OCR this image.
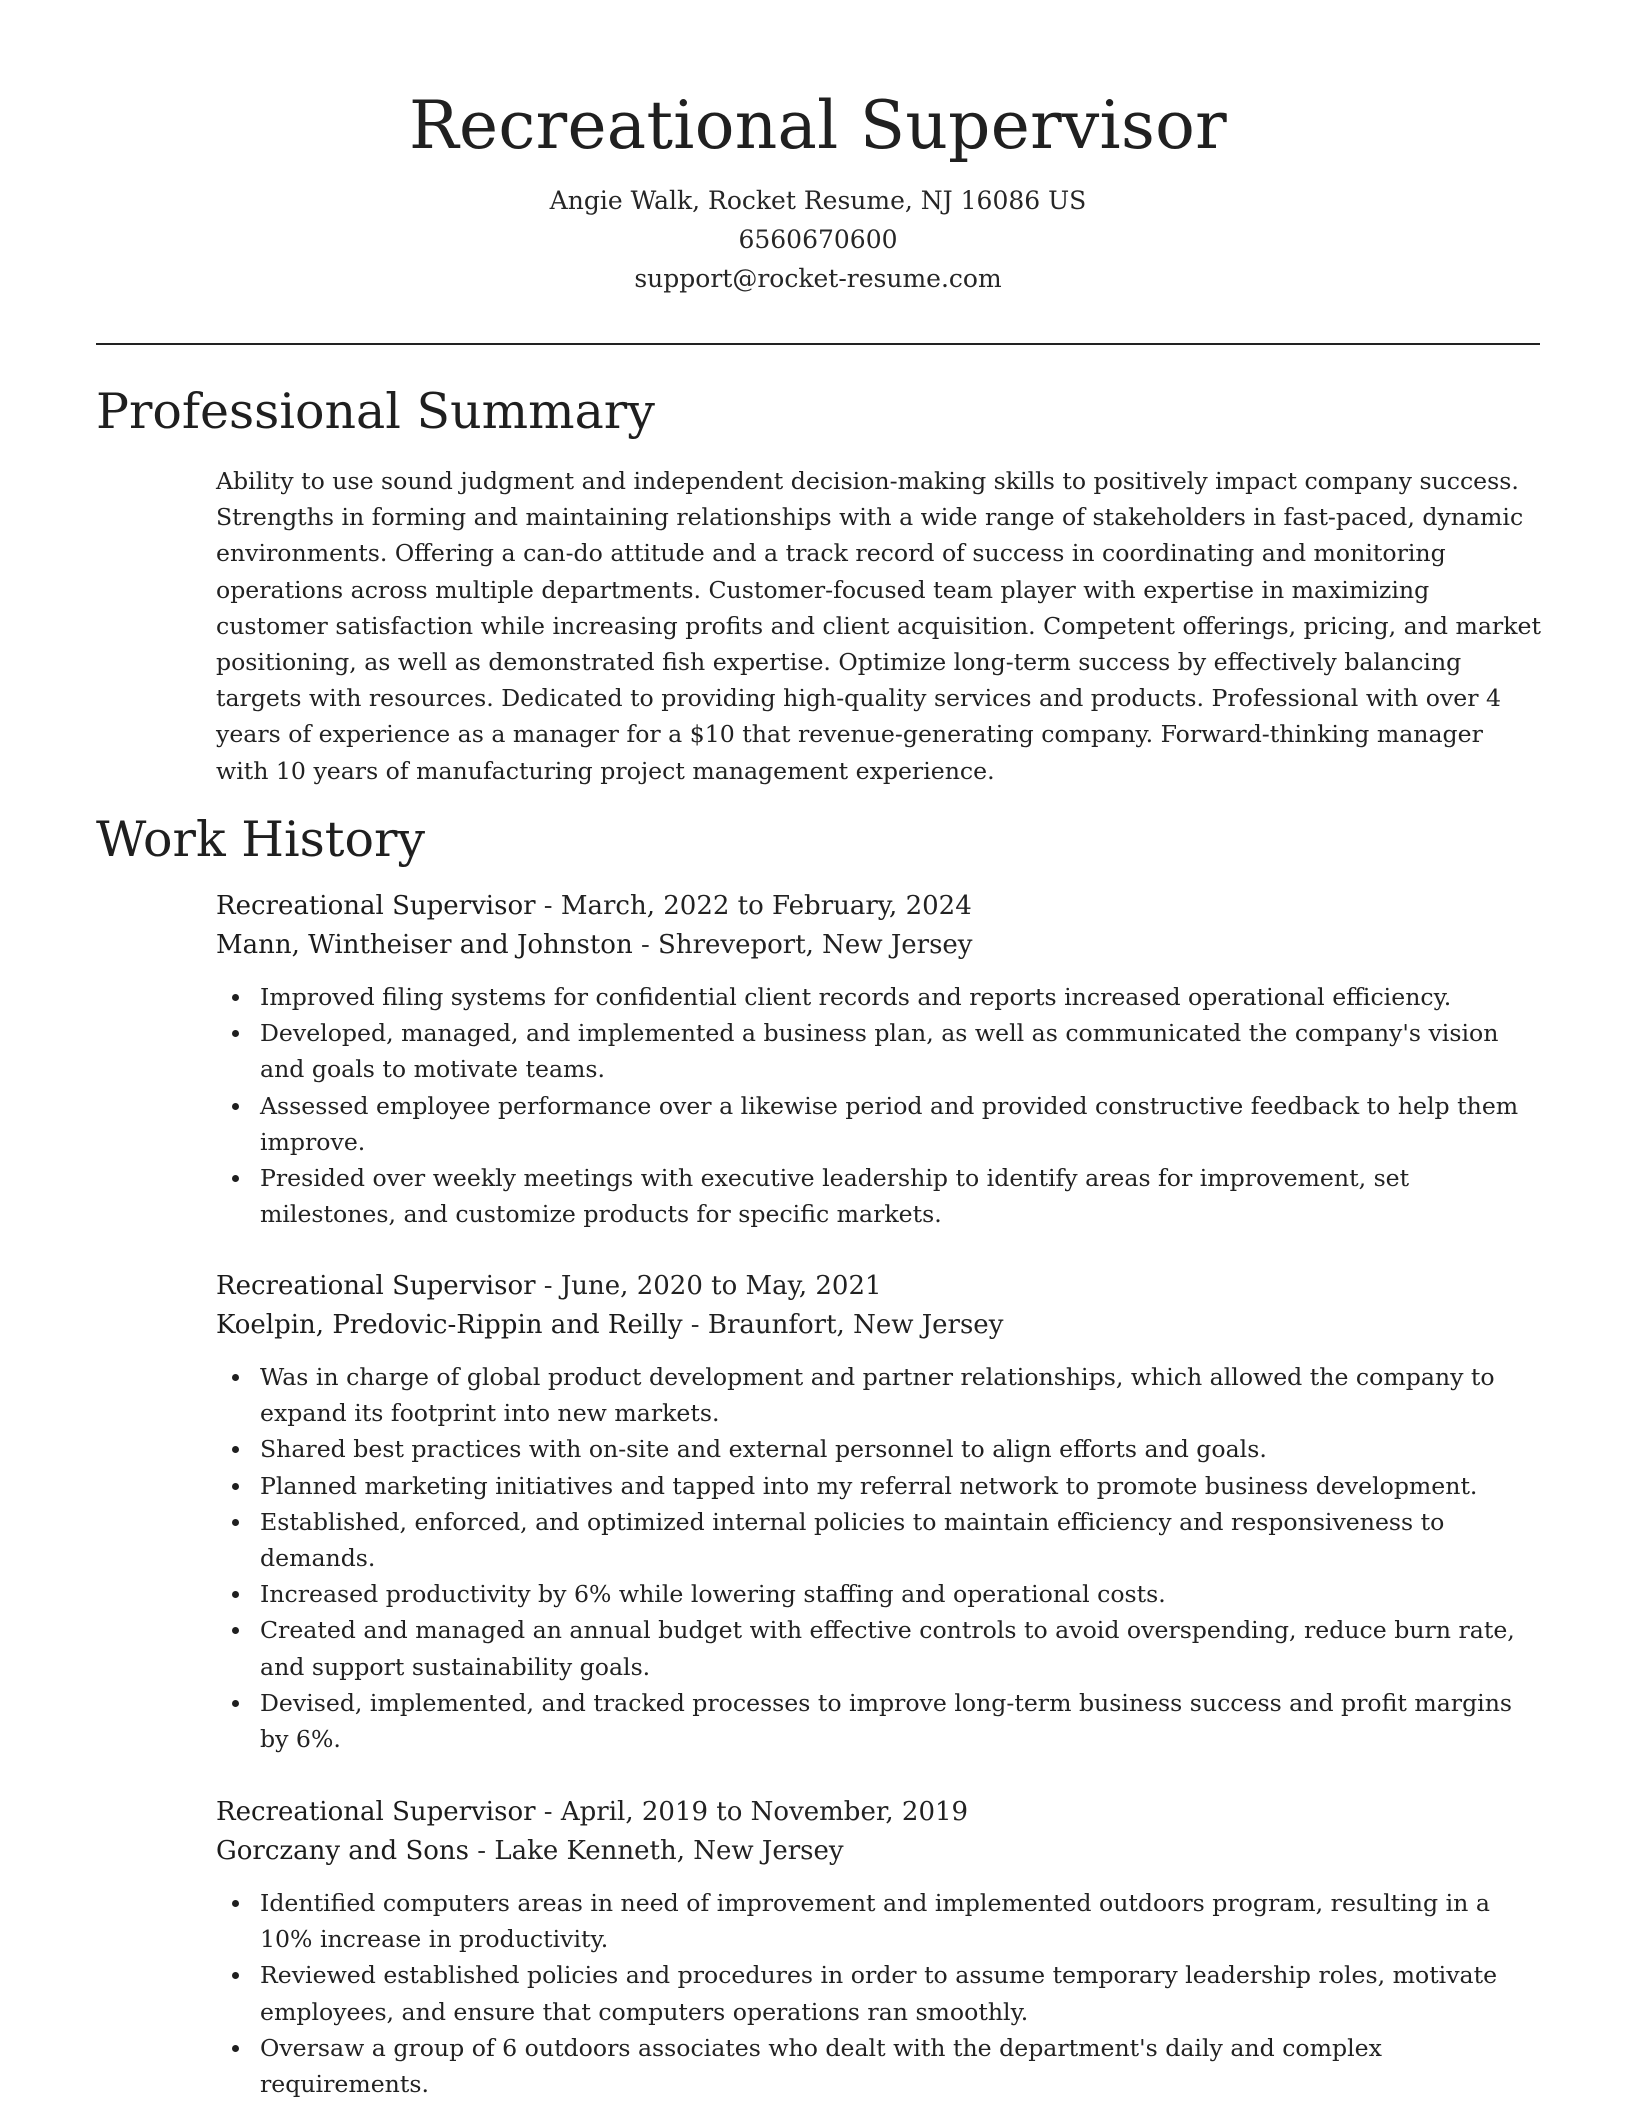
Recreational Supervisor
Angie Walk, Rocket Resume, NJ 16086 US
6560670600
support@rocket-resume.com
Professional Summary

Ability to use sound judgment and independent decision-making skills to positively impact company success. Strengths in forming and maintaining relationships with a wide range of stakeholders in fast-paced, dynamic environments. Offering a can-do attitude and a track record of success in coordinating and monitoring operations across multiple departments. Customer-focused team player with expertise in maximizing customer satisfaction while increasing profits and client acquisition. Competent offerings, pricing, and market positioning, as well as demonstrated fish expertise. Optimize long-term success by effectively balancing targets with resources. Dedicated to providing high-quality services and products. Professional with over 4 years of experience as a manager for a $10 that revenue-generating company. Forward-thinking manager with 10 years of manufacturing project management experience.

Work History
Recreational Supervisor - March, 2022 to February, 2024
Mann, Wintheiser and Johnston - Shreveport, New Jersey
Improved filing systems for confidential client records and reports increased operational efficiency.
Developed, managed, and implemented a business plan, as well as communicated the company's vision and goals to motivate teams.
Assessed employee performance over a likewise period and provided constructive feedback to help them improve.
Presided over weekly meetings with executive leadership to identify areas for improvement, set milestones, and customize products for specific markets.
Recreational Supervisor - June, 2020 to May, 2021
Koelpin, Predovic-Rippin and Reilly - Braunfort, New Jersey
Was in charge of global product development and partner relationships, which allowed the company to expand its footprint into new markets.
Shared best practices with on-site and external personnel to align efforts and goals.
Planned marketing initiatives and tapped into my referral network to promote business development.
Established, enforced, and optimized internal policies to maintain efficiency and responsiveness to demands.
Increased productivity by 6% while lowering staffing and operational costs.
Created and managed an annual budget with effective controls to avoid overspending, reduce burn rate, and support sustainability goals.
Devised, implemented, and tracked processes to improve long-term business success and profit margins by 6%.
Recreational Supervisor - April, 2019 to November, 2019
Gorczany and Sons - Lake Kenneth, New Jersey
Identified computers areas in need of improvement and implemented outdoors program, resulting in a 10% increase in productivity.
Reviewed established policies and procedures in order to assume temporary leadership roles, motivate employees, and ensure that computers operations ran smoothly.
Oversaw a group of 6 outdoors associates who dealt with the department's daily and complex requirements.
